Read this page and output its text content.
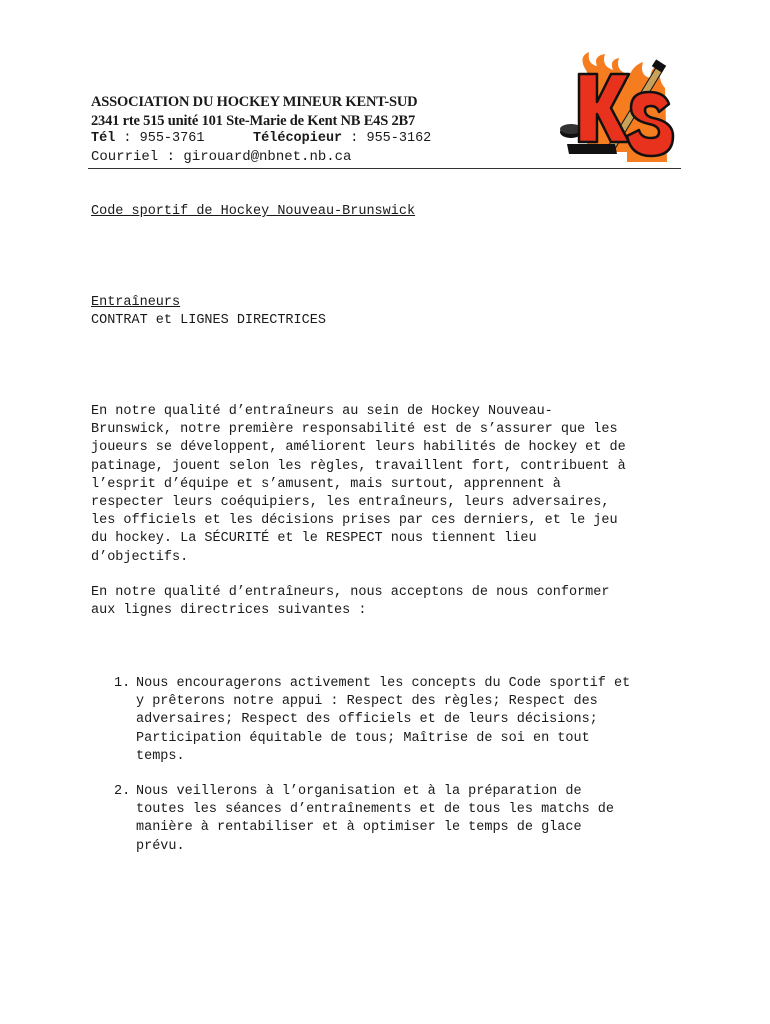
ASSOCIATION DU HOCKEY MINEUR KENT-SUD
2341 rte 515 unité 101 Ste-Marie de Kent NB E4S 2B7
Tél : 955-3761	Télécopieur : 955-3162
Courriel : girouard@nbnet.nb.ca
Code sportif de Hockey Nouveau-Brunswick
Entraîneurs
CONTRAT et LIGNES DIRECTRICES

En notre qualité d’entraîneurs au sein de Hockey Nouveau-
Brunswick, notre première responsabilité est de s’assurer que les
joueurs se développent, améliorent leurs habilités de hockey et de
patinage, jouent selon les règles, travaillent fort, contribuent à
l’esprit d’équipe et s’amusent, mais surtout, apprennent à
respecter leurs coéquipiers, les entraîneurs, leurs adversaires,
les officiels et les décisions prises par ces derniers, et le jeu
du hockey. La SÉCURITÉ et le RESPECT nous tiennent lieu
d’objectifs.

En notre qualité d’entraîneurs, nous acceptons de nous conformer
aux lignes directrices suivantes :

1. Nous encouragerons activement les concepts du Code sportif et
y prêterons notre appui : Respect des règles; Respect des
adversaires; Respect des officiels et de leurs décisions;
Participation équitable de tous; Maîtrise de soi en tout
temps.
2. Nous veillerons à l’organisation et à la préparation de
toutes les séances d’entraînements et de tous les matchs de
manière à rentabiliser et à optimiser le temps de glace
prévu.
